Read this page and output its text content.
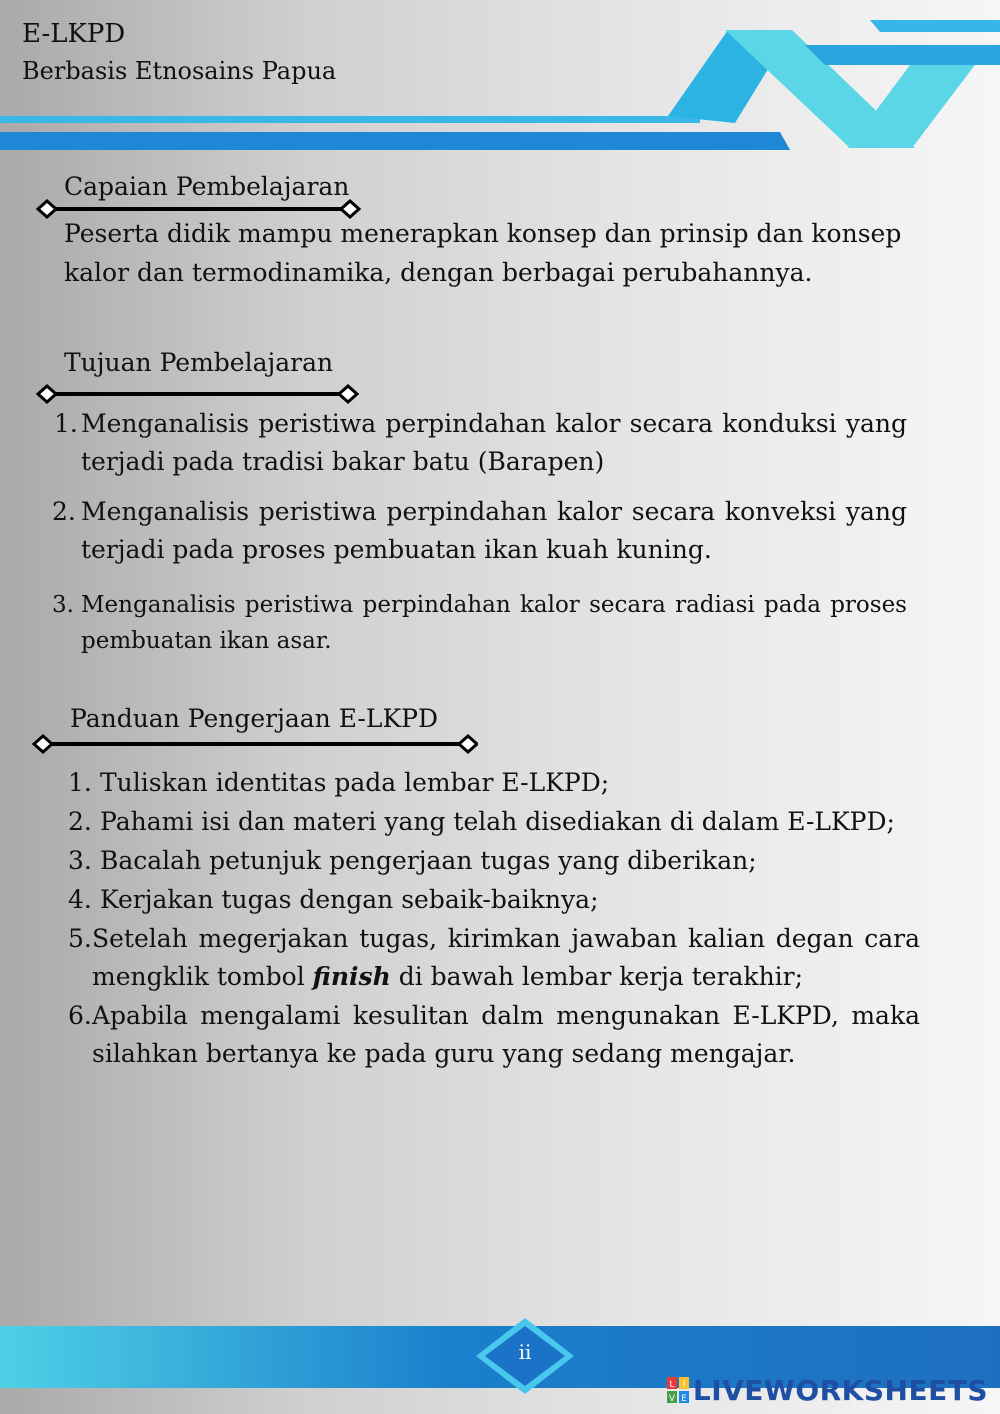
E-LKPD
Berbasis Etnosains Papua
Capaian Pembelajaran
Peserta didik mampu menerapkan konsep dan prinsip dan konsep
kalor dan termodinamika, dengan berbagai perubahannya.
Tujuan Pembelajaran
1. Menganalisis peristiwa perpindahan kalor secara konduksi yang terjadi pada tradisi bakar batu (Barapen)
2. Menganalisis peristiwa perpindahan kalor secara konveksi yang terjadi pada proses pembuatan ikan kuah kuning.
3. Menganalisis peristiwa perpindahan kalor secara radiasi pada proses pembuatan ikan asar.
Panduan Pengerjaan E-LKPD
1. Tuliskan identitas pada lembar E-LKPD;
2. Pahami isi dan materi yang telah disediakan di dalam E-LKPD;
3. Bacalah petunjuk pengerjaan tugas yang diberikan;
4. Kerjakan tugas dengan sebaik-baiknya;
5. Setelah megerjakan tugas, kirimkan jawaban kalian degan cara mengklik tombol finish di bawah lembar kerja terakhir;
6. Apabila mengalami kesulitan dalm mengunakan E-LKPD, maka silahkan bertanya ke pada guru yang sedang mengajar.
ii
L I
V E LIVEWORKSHEETS
